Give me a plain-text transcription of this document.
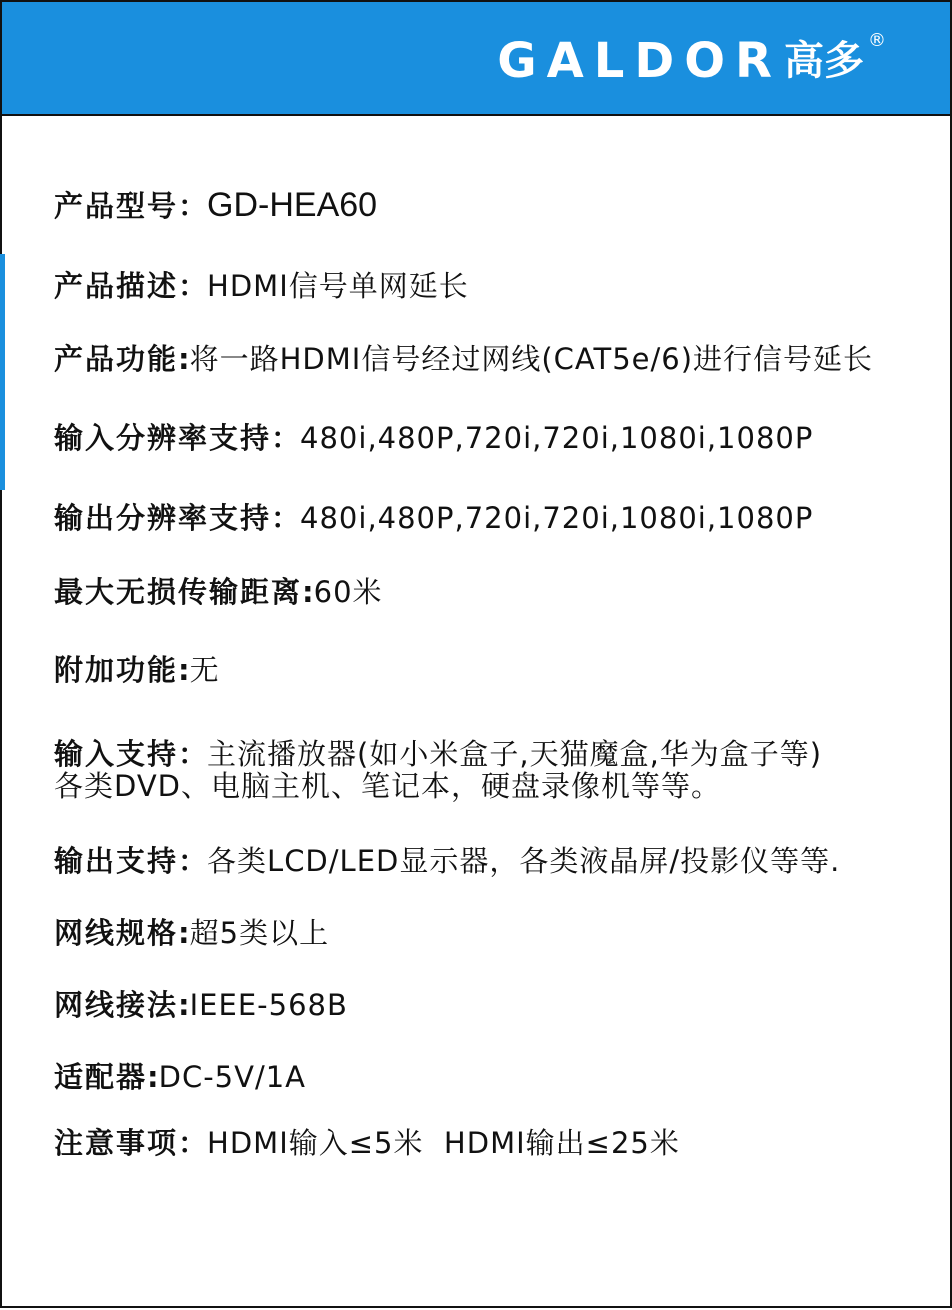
GALDOR 高多 ®
产品型号：GD-HEA60
产品描述：HDMI信号单网延长
产品功能:将一路HDMI信号经过网线(CAT5e/6)进行信号延长
输入分辨率支持：480i,480P,720i,720i,1080i,1080P
输出分辨率支持：480i,480P,720i,720i,1080i,1080P
最大无损传输距离:60米
附加功能:无
输入支持：主流播放器(如小米盒子,天猫魔盒,华为盒子等)
各类DVD、电脑主机、笔记本，硬盘录像机等等。
输出支持：各类LCD/LED显示器，各类液晶屏/投影仪等等.
网线规格:超5类以上
网线接法:IEEE-568B
适配器:DC-5V/1A
注意事项：HDMI输入≤5米  HDMI输出≤25米
